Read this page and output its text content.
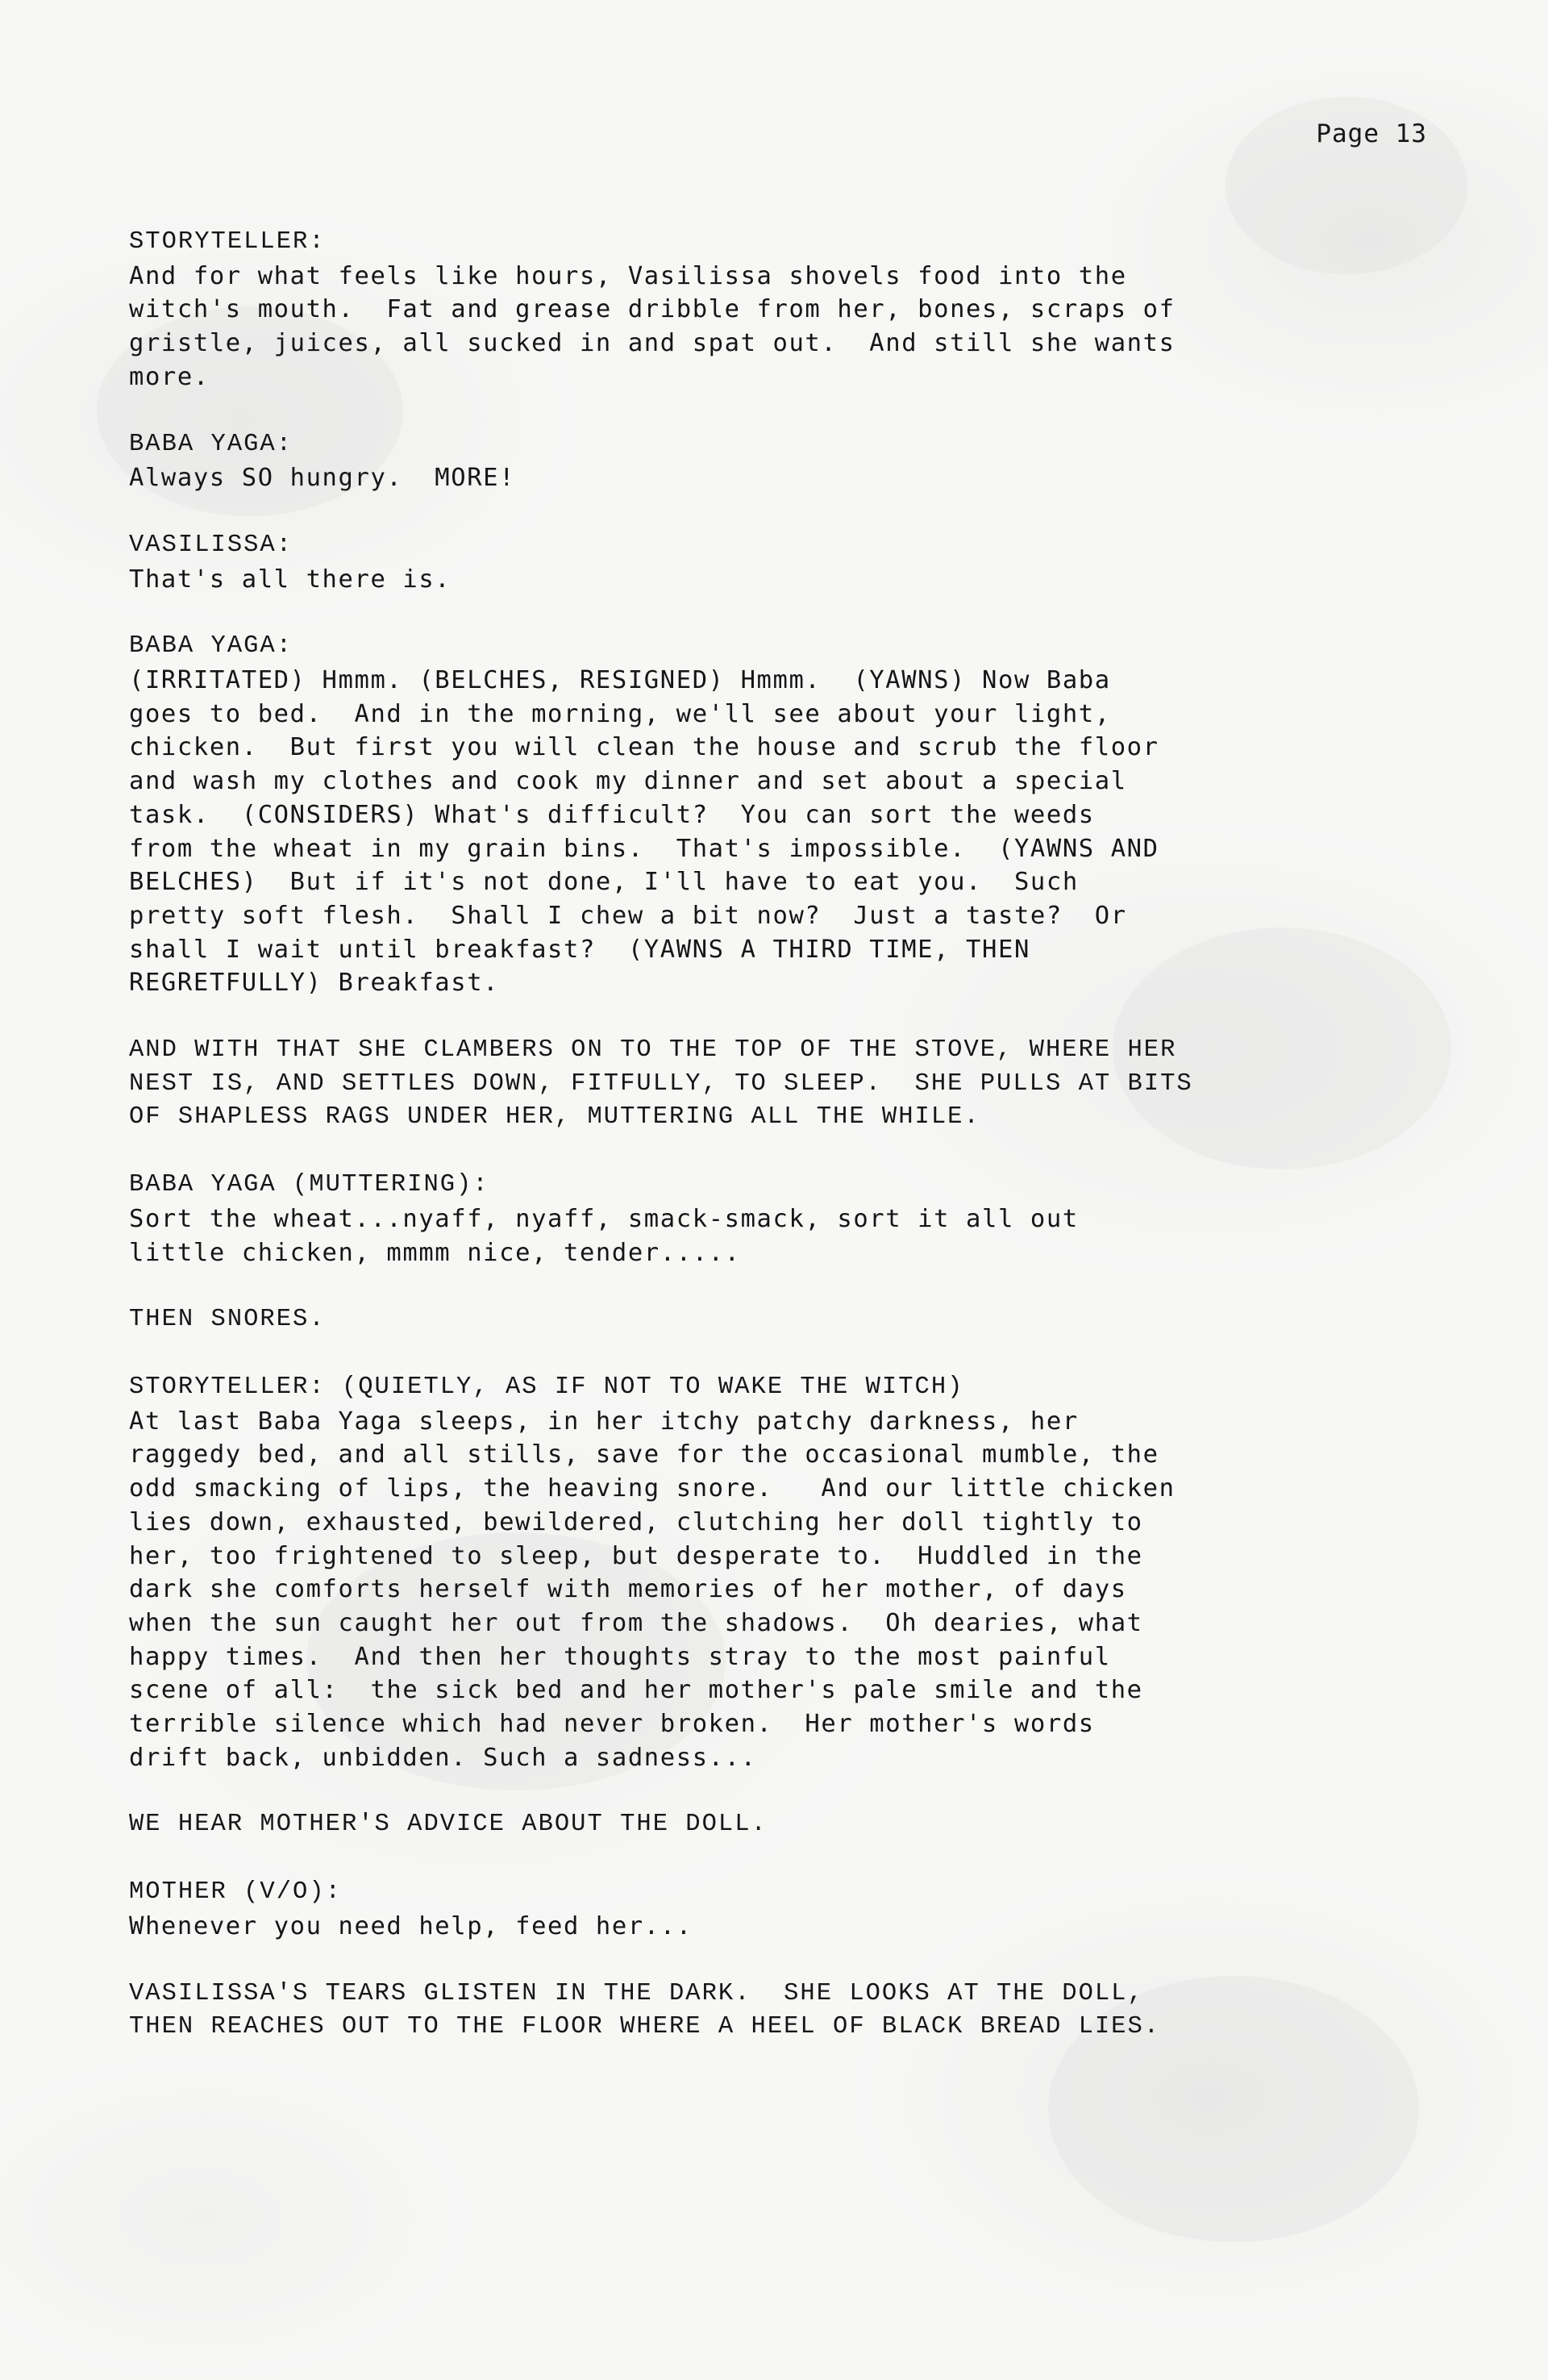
Page 13

STORYTELLER:

And for what feels like hours, Vasilissa shovels food into the
witch's mouth.  Fat and grease dribble from her, bones, scraps of
gristle, juices, all sucked in and spat out.  And still she wants
more.

BABA YAGA:

Always SO hungry.  MORE!

VASILISSA:

That's all there is.

BABA YAGA:

(IRRITATED) Hmmm. (BELCHES, RESIGNED) Hmmm.  (YAWNS) Now Baba
goes to bed.  And in the morning, we'll see about your light,
chicken.  But first you will clean the house and scrub the floor
and wash my clothes and cook my dinner and set about a special
task.  (CONSIDERS) What's difficult?  You can sort the weeds
from the wheat in my grain bins.  That's impossible.  (YAWNS AND
BELCHES)  But if it's not done, I'll have to eat you.  Such
pretty soft flesh.  Shall I chew a bit now?  Just a taste?  Or
shall I wait until breakfast?  (YAWNS A THIRD TIME, THEN
REGRETFULLY) Breakfast.

AND WITH THAT SHE CLAMBERS ON TO THE TOP OF THE STOVE, WHERE HER
NEST IS, AND SETTLES DOWN, FITFULLY, TO SLEEP.  SHE PULLS AT BITS
OF SHAPLESS RAGS UNDER HER, MUTTERING ALL THE WHILE.

BABA YAGA (MUTTERING):

Sort the wheat...nyaff, nyaff, smack-smack, sort it all out
little chicken, mmmm nice, tender.....

THEN SNORES.

STORYTELLER: (QUIETLY, AS IF NOT TO WAKE THE WITCH)

At last Baba Yaga sleeps, in her itchy patchy darkness, her
raggedy bed, and all stills, save for the occasional mumble, the
odd smacking of lips, the heaving snore.   And our little chicken
lies down, exhausted, bewildered, clutching her doll tightly to
her, too frightened to sleep, but desperate to.  Huddled in the
dark she comforts herself with memories of her mother, of days
when the sun caught her out from the shadows.  Oh dearies, what
happy times.  And then her thoughts stray to the most painful
scene of all:  the sick bed and her mother's pale smile and the
terrible silence which had never broken.  Her mother's words
drift back, unbidden. Such a sadness...

WE HEAR MOTHER'S ADVICE ABOUT THE DOLL.

MOTHER (V/O):

Whenever you need help, feed her...

VASILISSA'S TEARS GLISTEN IN THE DARK.  SHE LOOKS AT THE DOLL,
THEN REACHES OUT TO THE FLOOR WHERE A HEEL OF BLACK BREAD LIES.
